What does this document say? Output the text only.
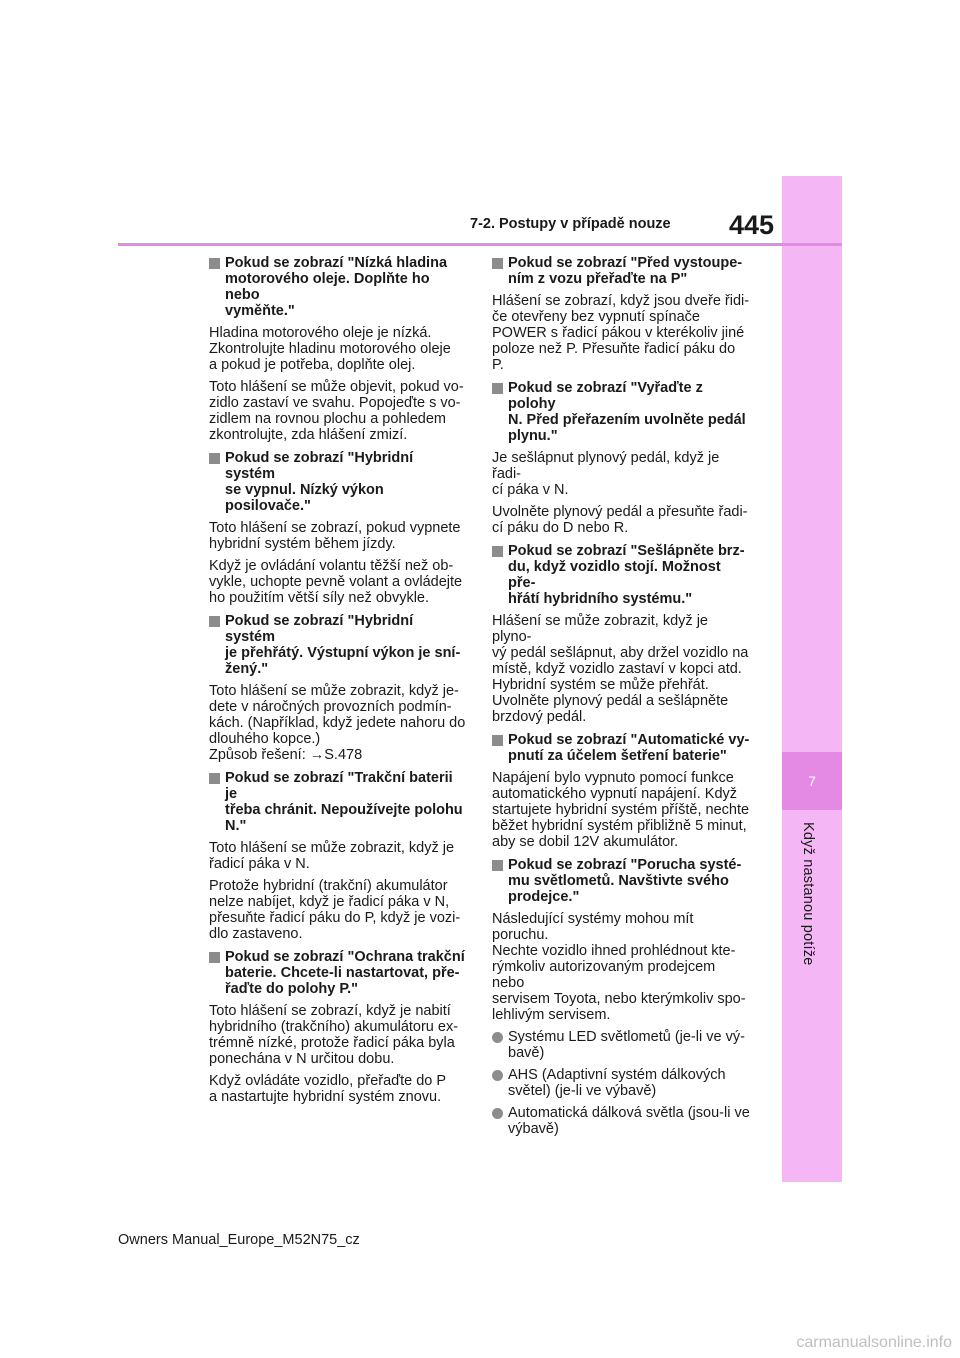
7
Když nastanou potíže
7-2. Postupy v případě nouze	445
Pokud se zobrazí "Nízká hladina
motorového oleje. Doplňte ho nebo
vyměňte."

Hladina motorového oleje je nízká.
Zkontrolujte hladinu motorového oleje
a pokud je potřeba, doplňte olej.

Toto hlášení se může objevit, pokud vo-
zidlo zastaví ve svahu. Popojeďte s vo-
zidlem na rovnou plochu a pohledem
zkontrolujte, zda hlášení zmizí.

Pokud se zobrazí "Hybridní systém
se vypnul. Nízký výkon posilovače."

Toto hlášení se zobrazí, pokud vypnete
hybridní systém během jízdy.

Když je ovládání volantu těžší než ob-
vykle, uchopte pevně volant a ovládejte
ho použitím větší síly než obvykle.

Pokud se zobrazí "Hybridní systém
je přehřátý. Výstupní výkon je sní-
žený."

Toto hlášení se může zobrazit, když je-
dete v náročných provozních podmín-
kách. (Například, když jedete nahoru do
dlouhého kopce.)
Způsob řešení: →S.478

Pokud se zobrazí "Trakční baterii je
třeba chránit. Nepoužívejte polohu
N."

Toto hlášení se může zobrazit, když je
řadicí páka v N.

Protože hybridní (trakční) akumulátor
nelze nabíjet, když je řadicí páka v N,
přesuňte řadicí páku do P, když je vozi-
dlo zastaveno.

Pokud se zobrazí "Ochrana trakční
baterie. Chcete-li nastartovat, pře-
řaďte do polohy P."

Toto hlášení se zobrazí, když je nabití
hybridního (trakčního) akumulátoru ex-
trémně nízké, protože řadicí páka byla
ponechána v N určitou dobu.

Když ovládáte vozidlo, přeřaďte do P
a nastartujte hybridní systém znovu.

Pokud se zobrazí "Před vystoupe-
ním z vozu přeřaďte na P"

Hlášení se zobrazí, když jsou dveře řidi-
če otevřeny bez vypnutí spínače
POWER s řadicí pákou v kterékoliv jiné
poloze než P. Přesuňte řadicí páku do P.

Pokud se zobrazí "Vyřaďte z polohy
N. Před přeřazením uvolněte pedál
plynu."

Je sešlápnut plynový pedál, když je řadi-
cí páka v N.

Uvolněte plynový pedál a přesuňte řadi-
cí páku do D nebo R.

Pokud se zobrazí "Sešlápněte brz-
du, když vozidlo stojí. Možnost pře-
hřátí hybridního systému."

Hlášení se může zobrazit, když je plyno-
vý pedál sešlápnut, aby držel vozidlo na
místě, když vozidlo zastaví v kopci atd.
Hybridní systém se může přehřát.
Uvolněte plynový pedál a sešlápněte
brzdový pedál.

Pokud se zobrazí "Automatické vy-
pnutí za účelem šetření baterie"

Napájení bylo vypnuto pomocí funkce
automatického vypnutí napájení. Když
startujete hybridní systém příště, nechte
běžet hybridní systém přibližně 5 minut,
aby se dobil 12V akumulátor.

Pokud se zobrazí "Porucha systé-
mu světlometů. Navštivte svého
prodejce."

Následující systémy mohou mít poruchu.
Nechte vozidlo ihned prohlédnout kte-
rýmkoliv autorizovaným prodejcem nebo
servisem Toyota, nebo kterýmkoliv spo-
lehlivým servisem.

Systému LED světlometů (je-li ve vý-
bavě)
AHS (Adaptivní systém dálkových
světel) (je-li ve výbavě)
Automatická dálková světla (jsou-li ve
výbavě)
Owners Manual_Europe_M52N75_cz
carmanualsonline.info
